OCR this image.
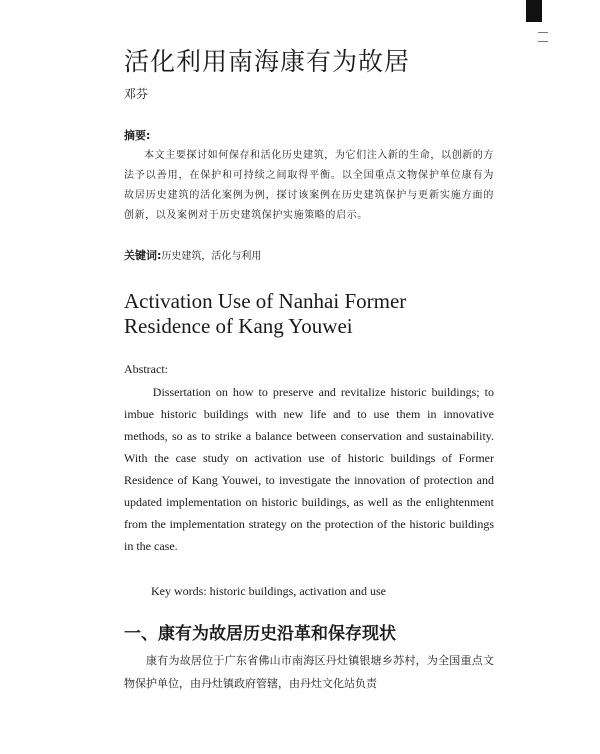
活化利用南海康有为故居
邓芬
摘要:
本文主要探讨如何保存和活化历史建筑，为它们注入新的生命，以创新的方法予以善用，在保护和可持续之间取得平衡。以全国重点文物保护单位康有为故居历史建筑的活化案例为例，探讨该案例在历史建筑保护与更新实施方面的创新，以及案例对于历史建筑保护实施策略的启示。
关键词:历史建筑，活化与利用
Activation Use of Nanhai Former Residence of Kang Youwei
Abstract:
Dissertation on how to preserve and revitalize historic buildings; to imbue historic buildings with new life and to use them in innovative methods, so as to strike a balance between conservation and sustainability. With the case study on activation use of historic buildings of Former Residence of Kang Youwei, to investigate the innovation of protection and updated implementation on historic buildings, as well as the enlightenment from the implementation strategy on the protection of the historic buildings in the case.
Key words: historic buildings, activation and use
一、康有为故居历史沿革和保存现状
康有为故居位于广东省佛山市南海区丹灶镇银塘乡苏村，为全国重点文物保护单位，由丹灶镇政府管辖，由丹灶文化站负责
